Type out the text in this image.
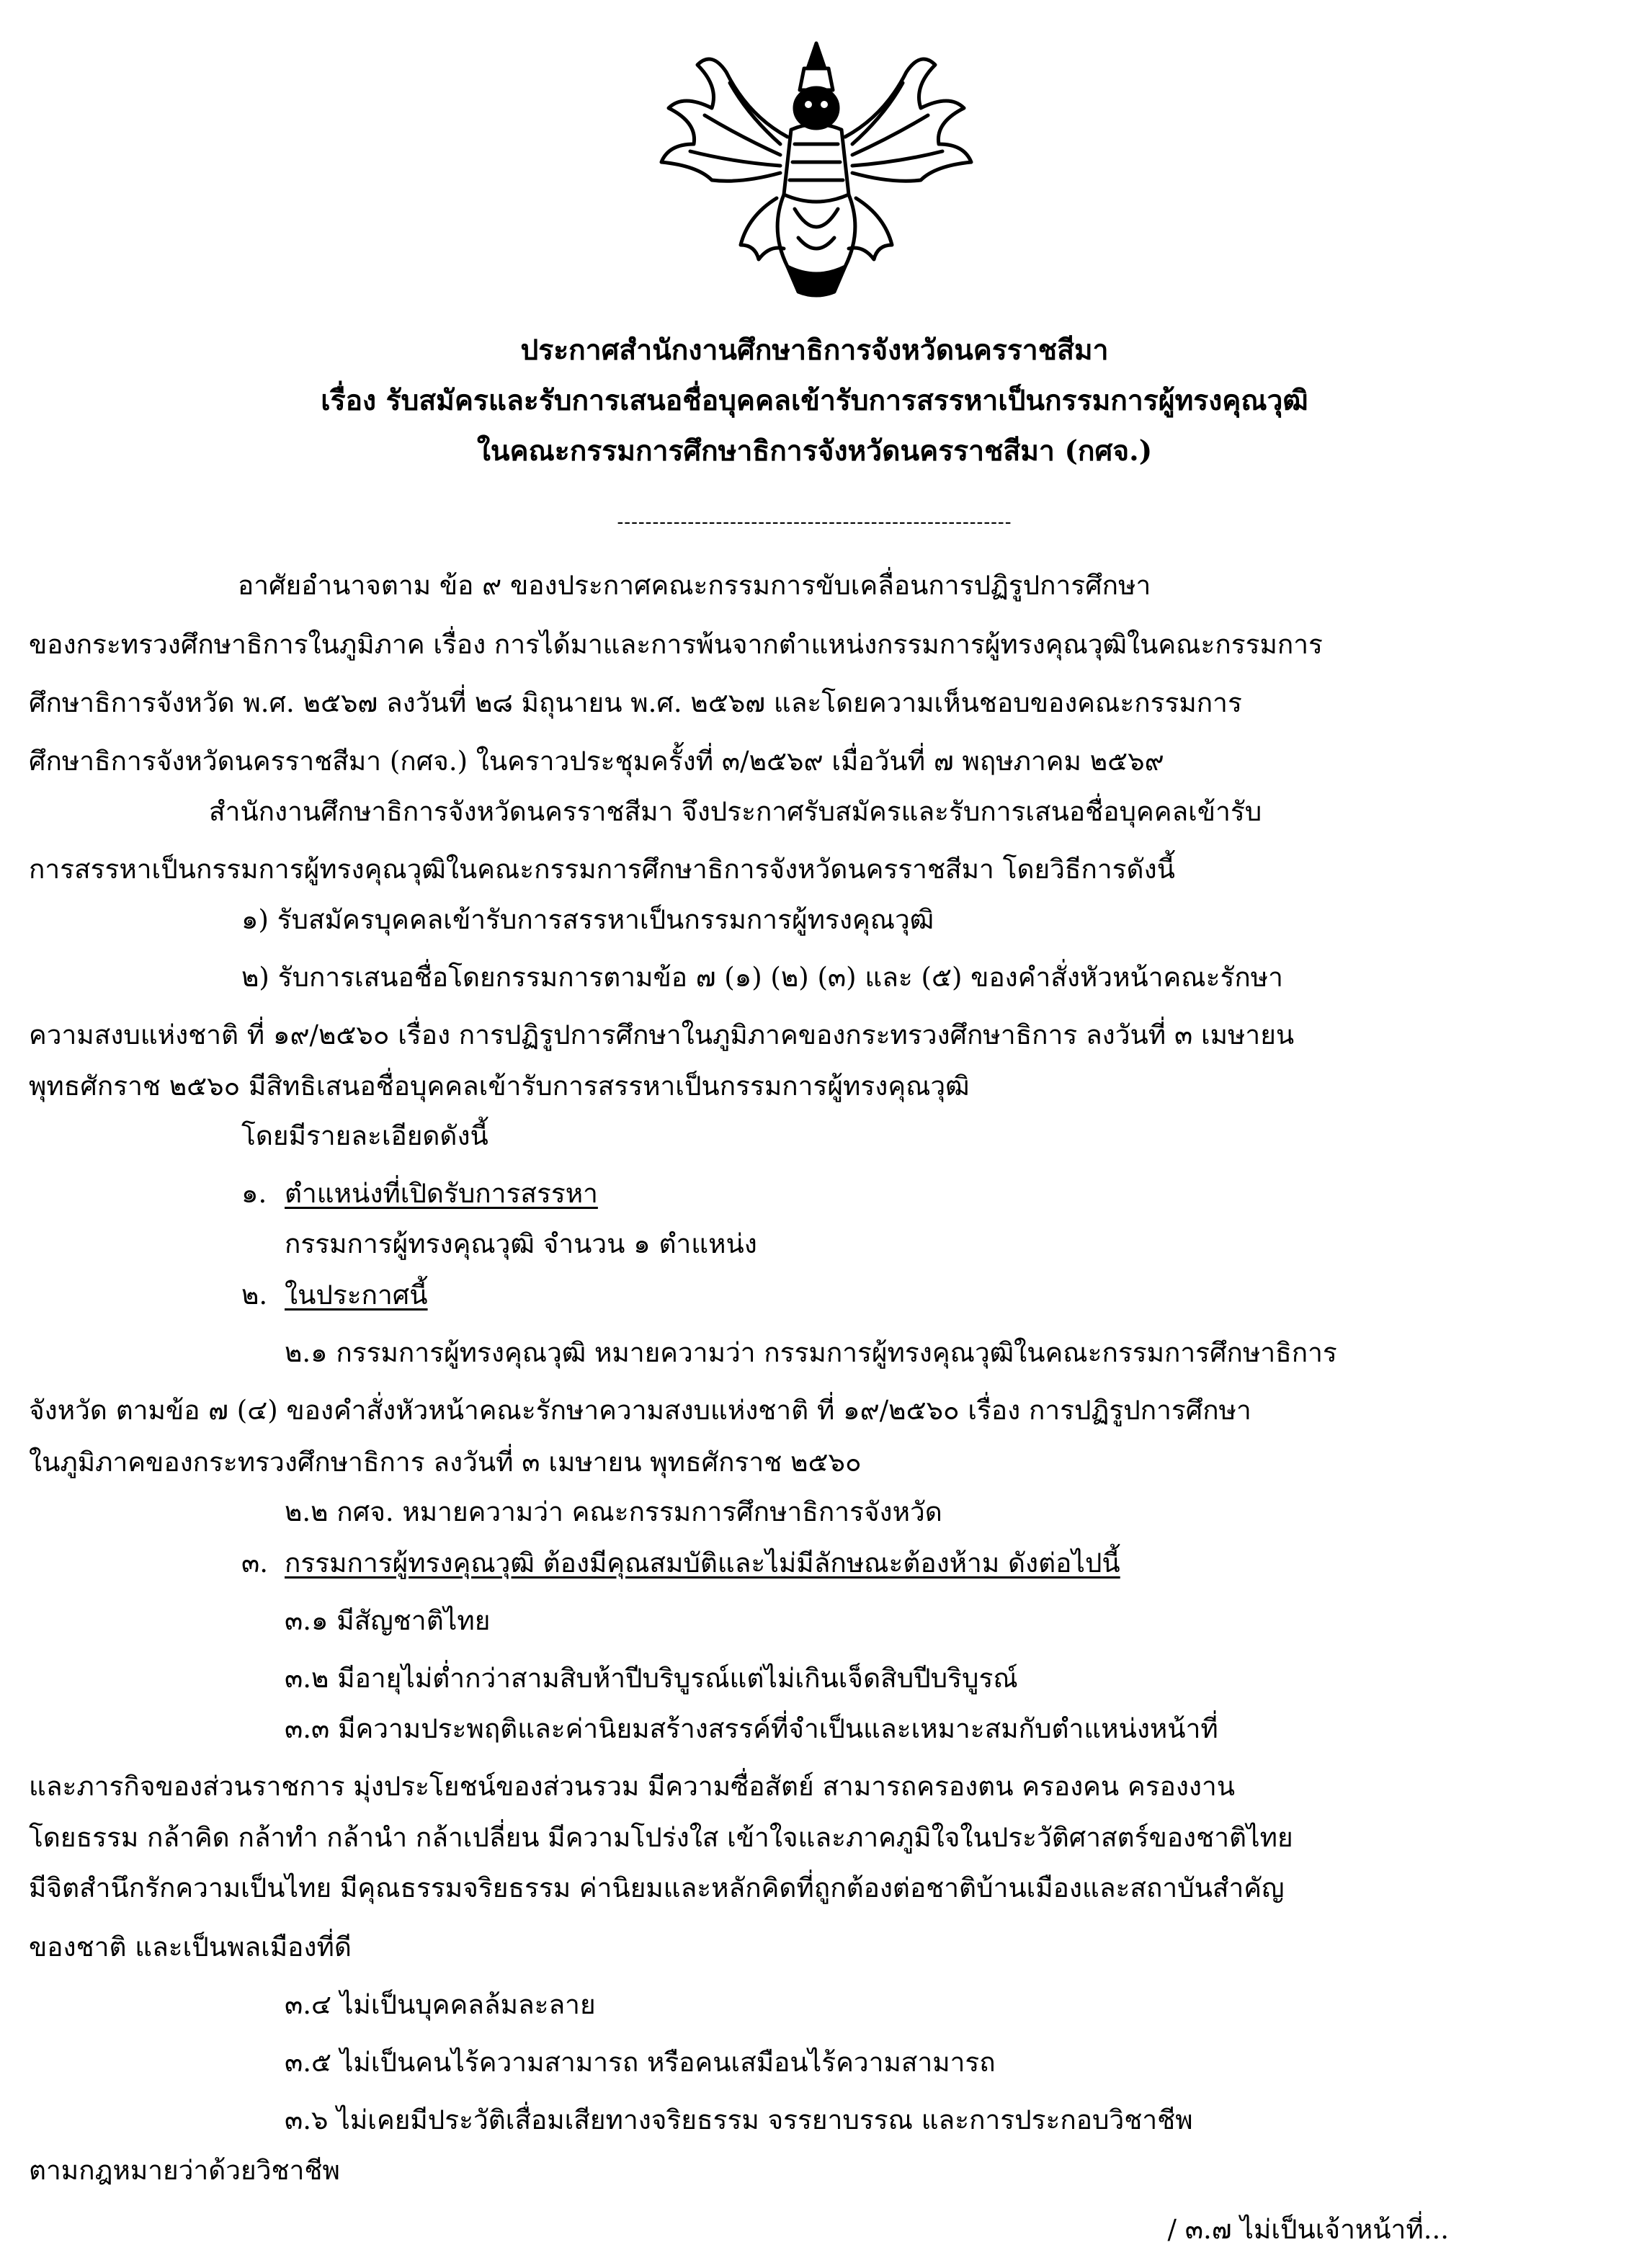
ประกาศสำนักงานศึกษาธิการจังหวัดนครราชสีมา
เรื่อง รับสมัครและรับการเสนอชื่อบุคคลเข้ารับการสรรหาเป็นกรรมการผู้ทรงคุณวุฒิ
ในคณะกรรมการศึกษาธิการจังหวัดนครราชสีมา (กศจ.)
--------------------------------------------------------
อาศัยอำนาจตาม ข้อ ๙ ของประกาศคณะกรรมการขับเคลื่อนการปฏิรูปการศึกษา
ของกระทรวงศึกษาธิการในภูมิภาค เรื่อง การได้มาและการพ้นจากตำแหน่งกรรมการผู้ทรงคุณวุฒิในคณะกรรมการ
ศึกษาธิการจังหวัด พ.ศ. ๒๕๖๗ ลงวันที่ ๒๘ มิถุนายน พ.ศ. ๒๕๖๗ และโดยความเห็นชอบของคณะกรรมการ
ศึกษาธิการจังหวัดนครราชสีมา (กศจ.) ในคราวประชุมครั้งที่ ๓/๒๕๖๙ เมื่อวันที่ ๗ พฤษภาคม ๒๕๖๙
สำนักงานศึกษาธิการจังหวัดนครราชสีมา จึงประกาศรับสมัครและรับการเสนอชื่อบุคคลเข้ารับ
การสรรหาเป็นกรรมการผู้ทรงคุณวุฒิในคณะกรรมการศึกษาธิการจังหวัดนครราชสีมา โดยวิธีการดังนี้
๑) รับสมัครบุคคลเข้ารับการสรรหาเป็นกรรมการผู้ทรงคุณวุฒิ
๒) รับการเสนอชื่อโดยกรรมการตามข้อ ๗ (๑) (๒) (๓) และ (๕) ของคำสั่งหัวหน้าคณะรักษา
ความสงบแห่งชาติ ที่ ๑๙/๒๕๖๐ เรื่อง การปฏิรูปการศึกษาในภูมิภาคของกระทรวงศึกษาธิการ ลงวันที่ ๓ เมษายน
พุทธศักราช ๒๕๖๐ มีสิทธิเสนอชื่อบุคคลเข้ารับการสรรหาเป็นกรรมการผู้ทรงคุณวุฒิ
โดยมีรายละเอียดดังนี้
๑. ตำแหน่งที่เปิดรับการสรรหา
กรรมการผู้ทรงคุณวุฒิ จำนวน ๑ ตำแหน่ง
๒. ในประกาศนี้
๒.๑ กรรมการผู้ทรงคุณวุฒิ หมายความว่า กรรมการผู้ทรงคุณวุฒิในคณะกรรมการศึกษาธิการ
จังหวัด ตามข้อ ๗ (๔) ของคำสั่งหัวหน้าคณะรักษาความสงบแห่งชาติ ที่ ๑๙/๒๕๖๐ เรื่อง การปฏิรูปการศึกษา
ในภูมิภาคของกระทรวงศึกษาธิการ ลงวันที่ ๓ เมษายน พุทธศักราช ๒๕๖๐
๒.๒ กศจ. หมายความว่า คณะกรรมการศึกษาธิการจังหวัด
๓. กรรมการผู้ทรงคุณวุฒิ ต้องมีคุณสมบัติและไม่มีลักษณะต้องห้าม ดังต่อไปนี้
๓.๑ มีสัญชาติไทย
๓.๒ มีอายุไม่ต่ำกว่าสามสิบห้าปีบริบูรณ์แต่ไม่เกินเจ็ดสิบปีบริบูรณ์
๓.๓ มีความประพฤติและค่านิยมสร้างสรรค์ที่จำเป็นและเหมาะสมกับตำแหน่งหน้าที่
และภารกิจของส่วนราชการ มุ่งประโยชน์ของส่วนรวม มีความซื่อสัตย์ สามารถครองตน ครองคน ครองงาน
โดยธรรม กล้าคิด กล้าทำ กล้านำ กล้าเปลี่ยน มีความโปร่งใส เข้าใจและภาคภูมิใจในประวัติศาสตร์ของชาติไทย
มีจิตสำนึกรักความเป็นไทย มีคุณธรรมจริยธรรม ค่านิยมและหลักคิดที่ถูกต้องต่อชาติบ้านเมืองและสถาบันสำคัญ
ของชาติ และเป็นพลเมืองที่ดี
๓.๔ ไม่เป็นบุคคลล้มละลาย
๓.๕ ไม่เป็นคนไร้ความสามารถ หรือคนเสมือนไร้ความสามารถ
๓.๖ ไม่เคยมีประวัติเสื่อมเสียทางจริยธรรม จรรยาบรรณ และการประกอบวิชาชีพ
ตามกฎหมายว่าด้วยวิชาชีพ
/ ๓.๗ ไม่เป็นเจ้าหน้าที่...
